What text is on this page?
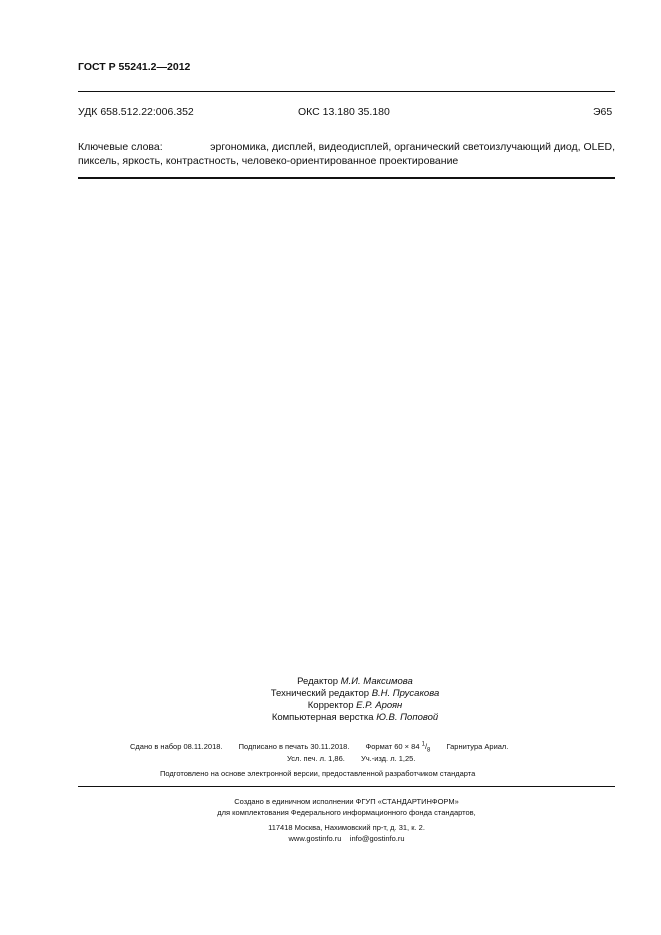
ГОСТ Р 55241.2—2012
УДК 658.512.22:006.352	ОКС 13.180 35.180	Э65
Ключевые слова:	эргономика, дисплей, видеодисплей, органический светоизлучающий диод, OLED,
пиксель, яркость, контрастность, человеко-ориентированное проектирование
Редактор М.И. Максимова
Технический редактор В.Н. Прусакова
Корректор Е.Р. Ароян
Компьютерная верстка Ю.В. Поповой
Сдано в набор 08.11.2018. Подписано в печать 30.11.2018. Формат 60 × 84 $^1/_8$ Гарнитура Ариал.
Усл. печ. л. 1,86. Уч.-изд. л. 1,25.
Подготовлено на основе электронной версии, предоставленной разработчиком стандарта
Создано в единичном исполнении ФГУП «СТАНДАРТИНФОРМ»
для комплектования Федерального информационного фонда стандартов,
117418 Москва, Нахимовский пр-т, д. 31, к. 2.
www.gostinfo.ru info@gostinfo.ru
